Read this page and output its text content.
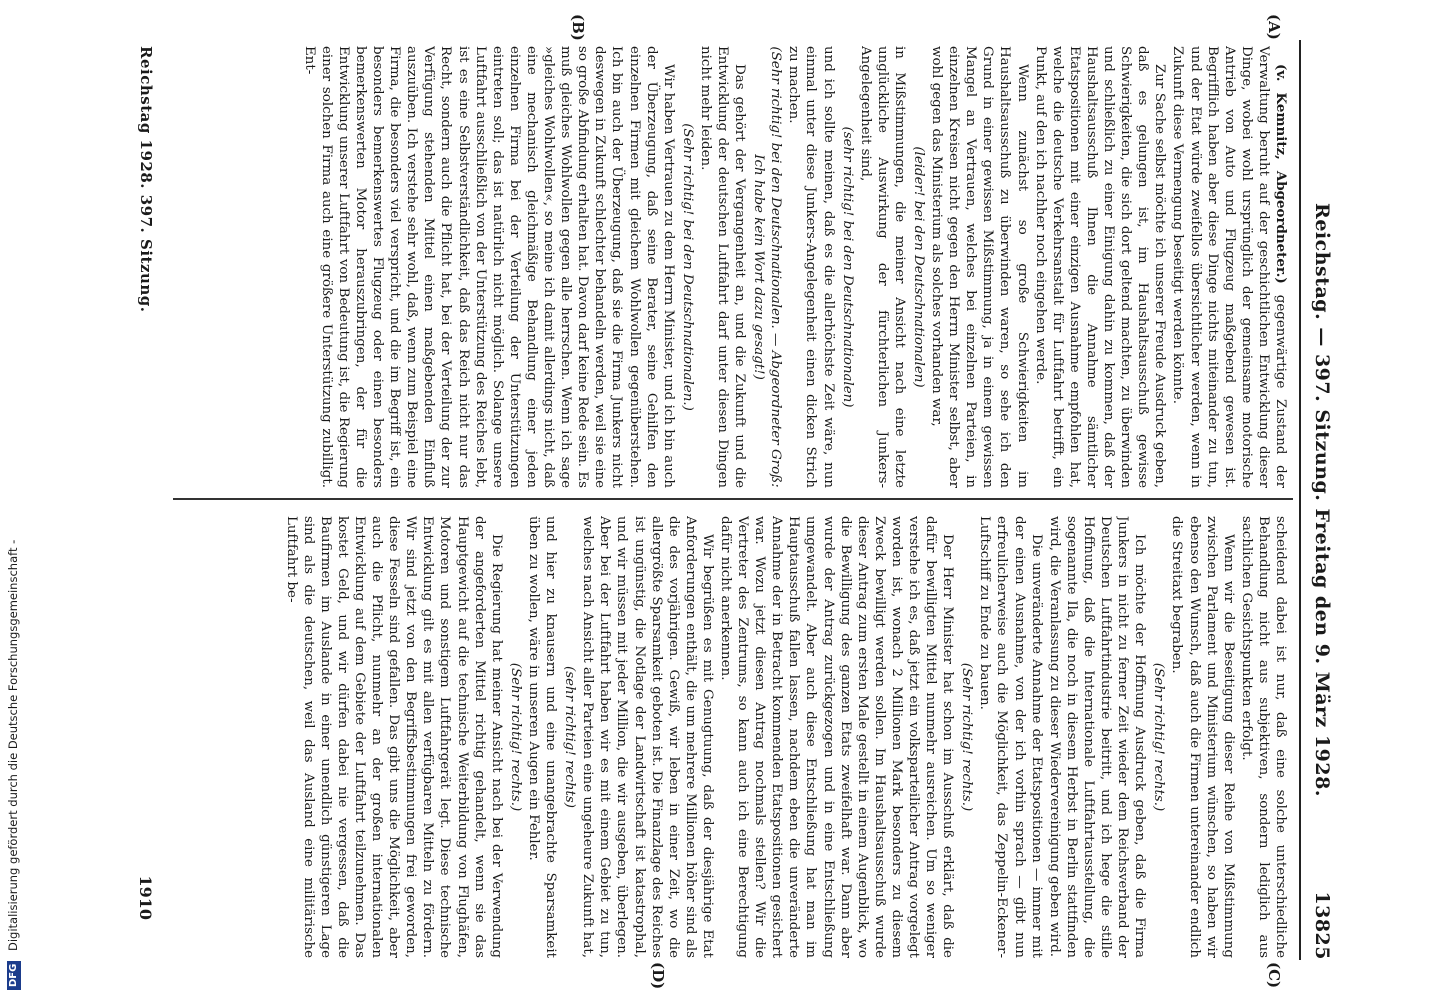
DFG Digitalisierung gefördert durch die Deutsche Forschungsgemeinschaft -	Reichstag. — 397. Sitzung. Freitag den 9. März 1928.
13825
(A)
(B)
(C)
(D)

(v. Kemnitz, Abgeordneter.) gegenwärtige Zustand der Verwaltung beruht auf der geschichtlichen Entwicklung dieser Dinge, wobei wohl ursprünglich der gemeinsame motorische Antrieb von Auto und Flugzeug maßgebend gewesen ist. Begrifflich haben aber diese Dinge nichts miteinander zu tun, und der Etat würde zweifellos übersichtlicher werden, wenn in Zukunft diese Vermengung beseitigt werden könnte.

Zur Sache selbst möchte ich unserer Freude Ausdruck geben, daß es gelungen ist, im Haushaltsausschuß gewisse Schwierigkeiten, die sich dort geltend machten, zu überwinden und schließlich zu einer Einigung dahin zu kommen, daß der Haushaltsausschuß Ihnen die Annahme sämtlicher Etatspositionen mit einer einzigen Ausnahme empfohlen hat, welche die deutsche Verkehrsanstalt für Luftfahrt betrifft, ein Punkt, auf den ich nachher noch eingehen werde.

Wenn zunächst so große Schwierigkeiten im Haushaltsausschuß zu überwinden waren, so sehe ich den Grund in einer gewissen Mißstimmung, ja in einem gewissen Mangel an Vertrauen, welches bei einzelnen Parteien, in einzelnen Kreisen nicht gegen den Herrn Minister selbst, aber wohl gegen das Ministerium als solches vorhanden war,

(leider! bei den Deutschnationalen)

in Mißstimmungen, die meiner Ansicht nach eine letzte unglückliche Auswirkung der fürchterlichen Junkers-Angelegenheit sind,

(sehr richtig! bei den Deutschnationalen)

und ich sollte meinen, daß es die allerhöchste Zeit wäre, nun einmal unter diese Junkers-Angelegenheit einen dicken Strich zu machen.

(Sehr richtig! bei den Deutschnationalen. — Abgeordneter Groß: Ich habe kein Wort dazu gesagt!)

Das gehört der Vergangenheit an, und die Zukunft und die Entwicklung der deutschen Luftfahrt darf unter diesen Dingen nicht mehr leiden.

(Sehr richtig! bei den Deutschnationalen.)

Wir haben Vertrauen zu dem Herrn Minister, und ich bin auch der Überzeugung, daß seine Berater, seine Gehilfen den einzelnen Firmen mit gleichem Wohlwollen gegenüberstehen. Ich bin auch der Überzeugung, daß sie die Firma Junkers nicht deswegen in Zukunft schlechter behandeln werden, weil sie eine so große Abfindung erhalten hat. Davon darf keine Rede sein. Es muß gleiches Wohlwollen gegen alle herrschen. Wenn ich sage »gleiches Wohlwollen«, so meine ich damit allerdings nicht, daß eine mechanisch gleichmäßige Behandlung einer jeden einzelnen Firma bei der Verteilung der Unterstützungen eintreten soll; das ist natürlich nicht möglich. Solange unsere Luftfahrt ausschließlich von der Unterstützung des Reiches lebt, ist es eine Selbstverständlichkeit, daß das Reich nicht nur das Recht, sondern auch die Pflicht hat, bei der Verteilung der zur Verfügung stehenden Mittel einen maßgebenden Einfluß auszuüben. Ich verstehe sehr wohl, daß, wenn zum Beispiel eine Firma, die besonders viel verspricht, und die im Begriff ist, ein besonders bemerkenswertes Flugzeug oder einen besonders bemerkenswerten Motor herauszubringen, der für die Entwicklung unserer Luftfahrt von Bedeutung ist, die Regierung einer solchen Firma auch eine größere Unterstützung zubilligt. Ent-

scheidend dabei ist nur, daß eine solche unterschiedliche Behandlung nicht aus subjektiven, sondern lediglich aus sachlichen Gesichtspunkten erfolgt.

Wenn wir die Beseitigung dieser Reihe von Mißstimmung zwischen Parlament und Ministerium wünschen, so haben wir ebenso den Wunsch, daß auch die Firmen untereinander endlich die Streitaxt begraben.

(Sehr richtig! rechts.)

Ich möchte der Hoffnung Ausdruck geben, daß die Firma Junkers in nicht zu ferner Zeit wieder dem Reichsverband der Deutschen Luftfahrtindustrie beitritt, und ich hege die stille Hoffnung, daß die Internationale Luftfahrtausstellung, die sogenannte Ila, die noch in diesem Herbst in Berlin stattfinden wird, die Veranlassung zu dieser Wiedervereinigung geben wird.

Die unveränderte Annahme der Etatspositionen — immer mit der einen Ausnahme, von der ich vorhin sprach — gibt nun erfreulicherweise auch die Möglichkeit, das Zeppelin-Eckener-Luftschiff zu Ende zu bauen.

(Sehr richtig! rechts.)

Der Herr Minister hat schon im Ausschuß erklärt, daß die dafür bewilligten Mittel nunmehr ausreichen. Um so weniger verstehe ich es, daß jetzt ein volksparteilicher Antrag vorgelegt worden ist, wonach 2 Millionen Mark besonders zu diesem Zweck bewilligt werden sollen. Im Haushaltsausschuß wurde dieser Antrag zum ersten Male gestellt in einem Augenblick, wo die Bewilligung des ganzen Etats zweifelhaft war. Dann aber wurde der Antrag zurückgezogen und in eine Entschließung umgewandelt. Aber auch diese Entschließung hat man im Hauptausschuß fallen lassen, nachdem eben die unveränderte Annahme der in Betracht kommenden Etatspositionen gesichert war. Wozu jetzt diesen Antrag nochmals stellen? Wir die Vertreter des Zentrums, so kann auch ich eine Berechtigung dafür nicht anerkennen.

Wir begrüßen es mit Genugtuung, daß der diesjährige Etat Anforderungen enthält, die um mehrere Millionen höher sind als die des vorjährigen. Gewiß, wir leben in einer Zeit, wo die allergrößte Sparsamkeit geboten ist. Die Finanzlage des Reiches ist ungünstig, die Notlage der Landwirtschaft ist katastrophal, und wir müssen mit jeder Million, die wir ausgeben, überlegen. Aber bei der Luftfahrt haben wir es mit einem Gebiet zu tun, welches nach Ansicht aller Parteien eine ungeheure Zukunft hat,

(sehr richtig! rechts)

und hier zu knausern und eine unangebrachte Sparsamkeit üben zu wollen, wäre in unseren Augen ein Fehler.

(Sehr richtig! rechts.)

Die Regierung hat meiner Ansicht nach bei der Verwendung der angeforderten Mittel richtig gehandelt, wenn sie das Hauptgewicht auf die technische Weiterbildung von Flughäfen, Motoren und sonstigem Luftfahrgerät legt. Diese technische Entwicklung gilt es mit allen verfügbaren Mitteln zu fördern. Wir sind jetzt von den Begriffsbestimmungen frei geworden, diese Fesseln sind gefallen. Das gibt uns die Möglichkeit, aber auch die Pflicht, nunmehr an der großen internationalen Entwicklung auf dem Gebiete der Luftfahrt teilzunehmen. Das kostet Geld, und wir dürfen dabei nie vergessen, daß die Baufirmen im Auslande in einer unendlich günstigeren Lage sind als die deutschen, weil das Ausland eine militärische Luftfahrt be-

Reichstag 1928. 397. Sitzung.
1910
